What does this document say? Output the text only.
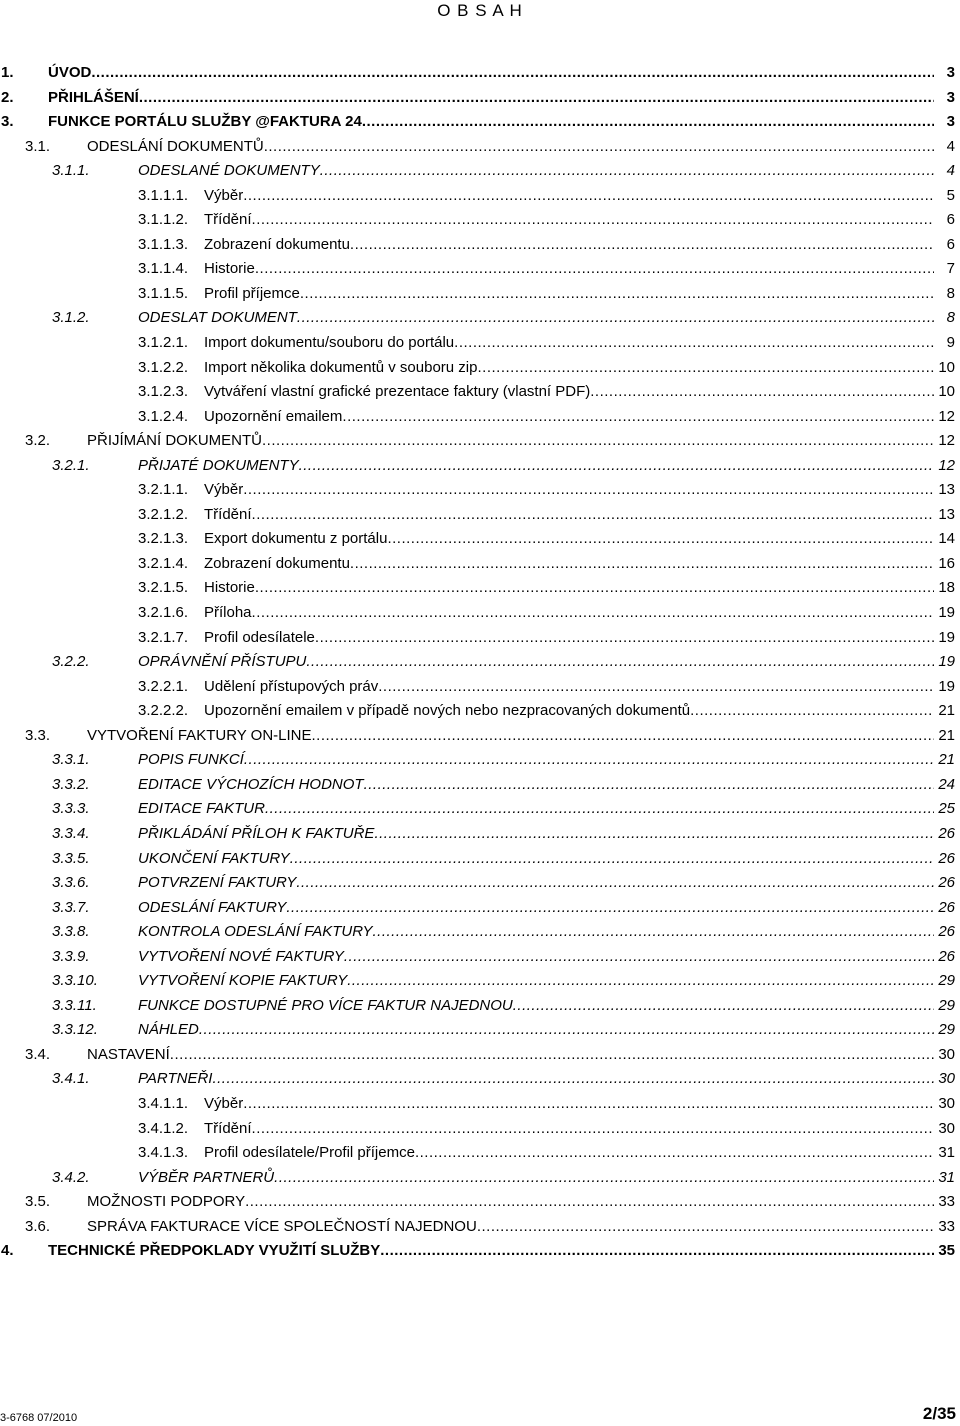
O B S A H
1. ÚVOD .....	3
2. PŘIHLÁŠENÍ .....	3
3. FUNKCE PORTÁLU SLUŽBY @FAKTURA 24 .....	3
3.1. ODESLÁNÍ DOKUMENTŮ .....	4
3.1.1.	ODESLANÉ DOKUMENTY .....	4
3.1.1.1. Výběr .....	5
3.1.1.2. Třídění .....	6
3.1.1.3. Zobrazení dokumentu .....	6
3.1.1.4. Historie .....	7
3.1.1.5. Profil příjemce .....	8
3.1.2.	ODESLAT DOKUMENT .....	8
3.1.2.1. Import dokumentu/souboru do portálu .....	9
3.1.2.2. Import několika dokumentů v souboru zip .....	10
3.1.2.3. Vytváření vlastní grafické prezentace faktury (vlastní PDF) .....	10
3.1.2.4. Upozornění emailem .....	12
3.2. PŘIJÍMÁNÍ DOKUMENTŮ .....	12
3.2.1.	PŘIJATÉ DOKUMENTY .....	12
3.2.1.1. Výběr .....	13
3.2.1.2. Třídění .....	13
3.2.1.3. Export dokumentu z portálu .....	14
3.2.1.4. Zobrazení dokumentu .....	16
3.2.1.5. Historie .....	18
3.2.1.6. Příloha .....	19
3.2.1.7. Profil odesílatele .....	19
3.2.2.	OPRÁVNĚNÍ PŘÍSTUPU .....	19
3.2.2.1. Udělení přístupových práv .....	19
3.2.2.2. Upozornění emailem v případě nových nebo nezpracovaných dokumentů .....	21
3.3. VYTVOŘENÍ FAKTURY ON-LINE .....	21
3.3.1.	POPIS FUNKCÍ .....	21
3.3.2.	EDITACE VÝCHOZÍCH HODNOT .....	24
3.3.3.	EDITACE FAKTUR .....	25
3.3.4.	PŘIKLÁDÁNÍ PŘÍLOH K FAKTUŘE .....	26
3.3.5.	UKONČENÍ FAKTURY .....	26
3.3.6.	POTVRZENÍ FAKTURY .....	26
3.3.7.	ODESLÁNÍ FAKTURY .....	26
3.3.8.	KONTROLA ODESLÁNÍ FAKTURY .....	26
3.3.9.	VYTVOŘENÍ NOVÉ FAKTURY .....	26
3.3.10.	VYTVOŘENÍ KOPIE FAKTURY .....	29
3.3.11.	FUNKCE DOSTUPNÉ PRO VÍCE FAKTUR NAJEDNOU .....	29
3.3.12.	NÁHLED .....	29
3.4. NASTAVENÍ .....	30
3.4.1.	PARTNEŘI .....	30
3.4.1.1. Výběr .....	30
3.4.1.2. Třídění .....	30
3.4.1.3. Profil odesílatele/Profil příjemce .....	31
3.4.2.	VÝBĚR PARTNERŮ .....	31
3.5. MOŽNOSTI PODPORY .....	33
3.6. SPRÁVA FAKTURACE VÍCE SPOLEČNOSTÍ NAJEDNOU .....	33
4. TECHNICKÉ PŘEDPOKLADY VYUŽITÍ SLUŽBY .....	35
3-6768 07/2010	2/35
